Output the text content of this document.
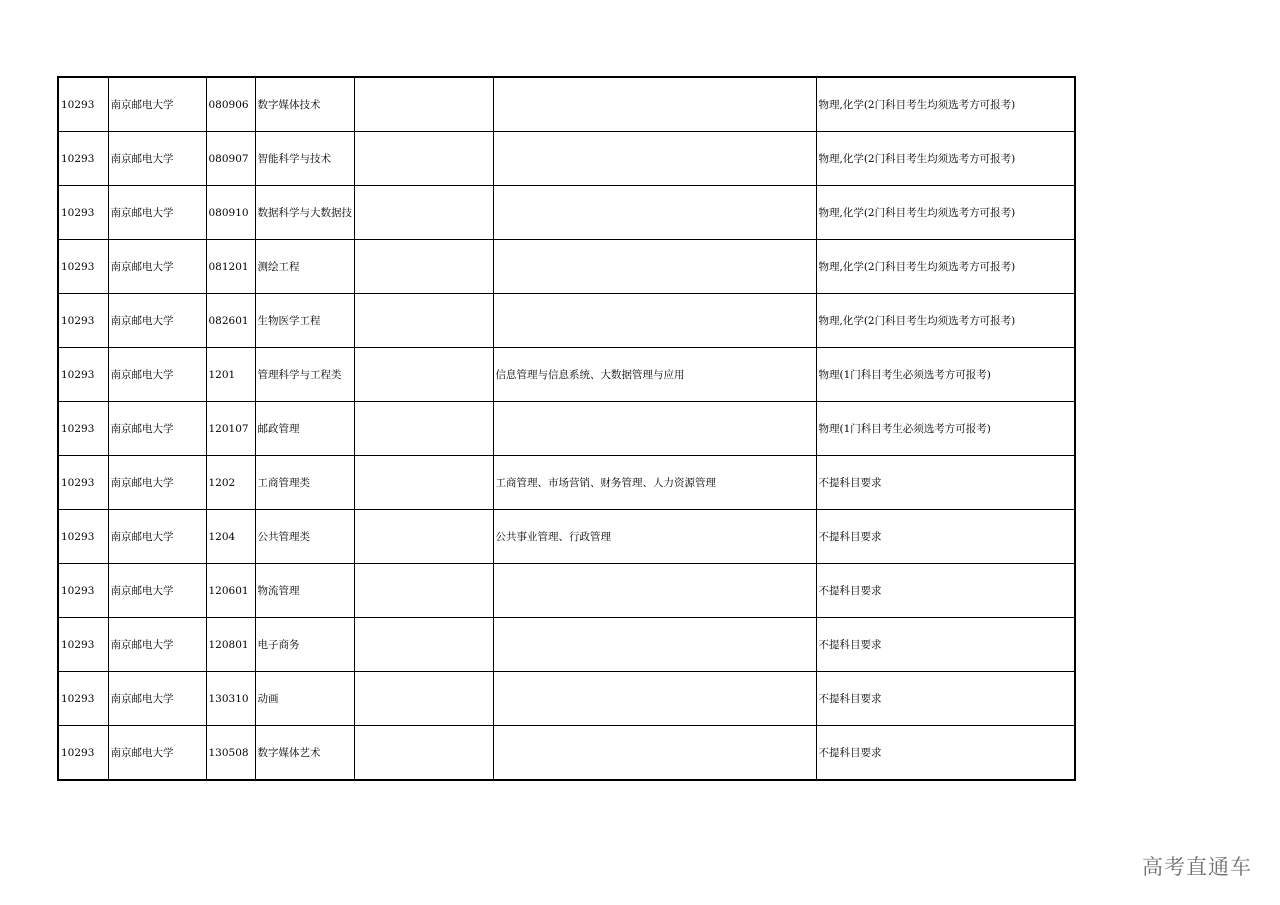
10293	南京邮电大学	080906	数字媒体技术			物理,化学(2门科目考生均须选考方可报考)
10293	南京邮电大学	080907	智能科学与技术			物理,化学(2门科目考生均须选考方可报考)
10293	南京邮电大学	080910	数据科学与大数据技			物理,化学(2门科目考生均须选考方可报考)
10293	南京邮电大学	081201	测绘工程			物理,化学(2门科目考生均须选考方可报考)
10293	南京邮电大学	082601	生物医学工程			物理,化学(2门科目考生均须选考方可报考)
10293	南京邮电大学	1201	管理科学与工程类		信息管理与信息系统、大数据管理与应用	物理(1门科目考生必须选考方可报考)
10293	南京邮电大学	120107	邮政管理			物理(1门科目考生必须选考方可报考)
10293	南京邮电大学	1202	工商管理类		工商管理、市场营销、财务管理、人力资源管理	不提科目要求
10293	南京邮电大学	1204	公共管理类		公共事业管理、行政管理	不提科目要求
10293	南京邮电大学	120601	物流管理			不提科目要求
10293	南京邮电大学	120801	电子商务			不提科目要求
10293	南京邮电大学	130310	动画			不提科目要求
10293	南京邮电大学	130508	数字媒体艺术			不提科目要求
高考直通车
